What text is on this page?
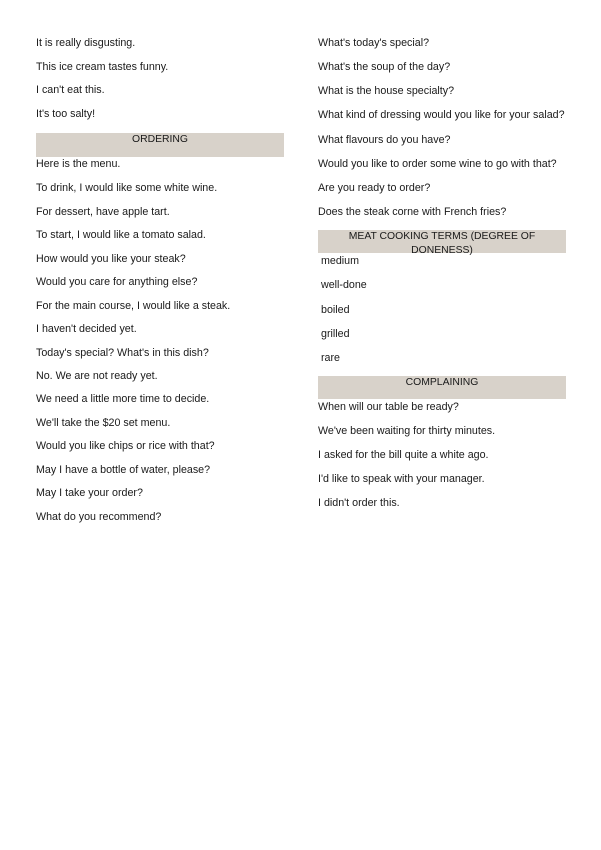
It is really disgusting.
This ice cream tastes funny.
I can't eat this.
It's too salty!
ORDERING
Here is the menu.
To drink, I would like some white wine.
For dessert, have apple tart.
To start, I would like a tomato salad.
How would you like your steak?
Would you care for anything else?
For the main course, I would like a steak.
I haven't decided yet.
Today's special? What's in this dish?
No. We are not ready yet.
We need a little more time to decide.
We'll take the $20 set menu.
Would you like chips or rice with that?
May I have a bottle of water, please?
May I take your order?
What do you recommend?
What's today's special?
What's the soup of the day?
What is the house specialty?
What kind of dressing would you like for your salad?
What flavours do you have?
Would you like to order some wine to go with that?
Are you ready to order?
Does the steak corne with French fries?
MEAT COOKING TERMS (DEGREE OF DONENESS)
medium
well-done
boiled
grilled
rare
COMPLAINING
When will our table be ready?
We've been waiting for thirty minutes.
I asked for the bill quite a white ago.
I'd like to speak with your manager.
I didn't order this.
